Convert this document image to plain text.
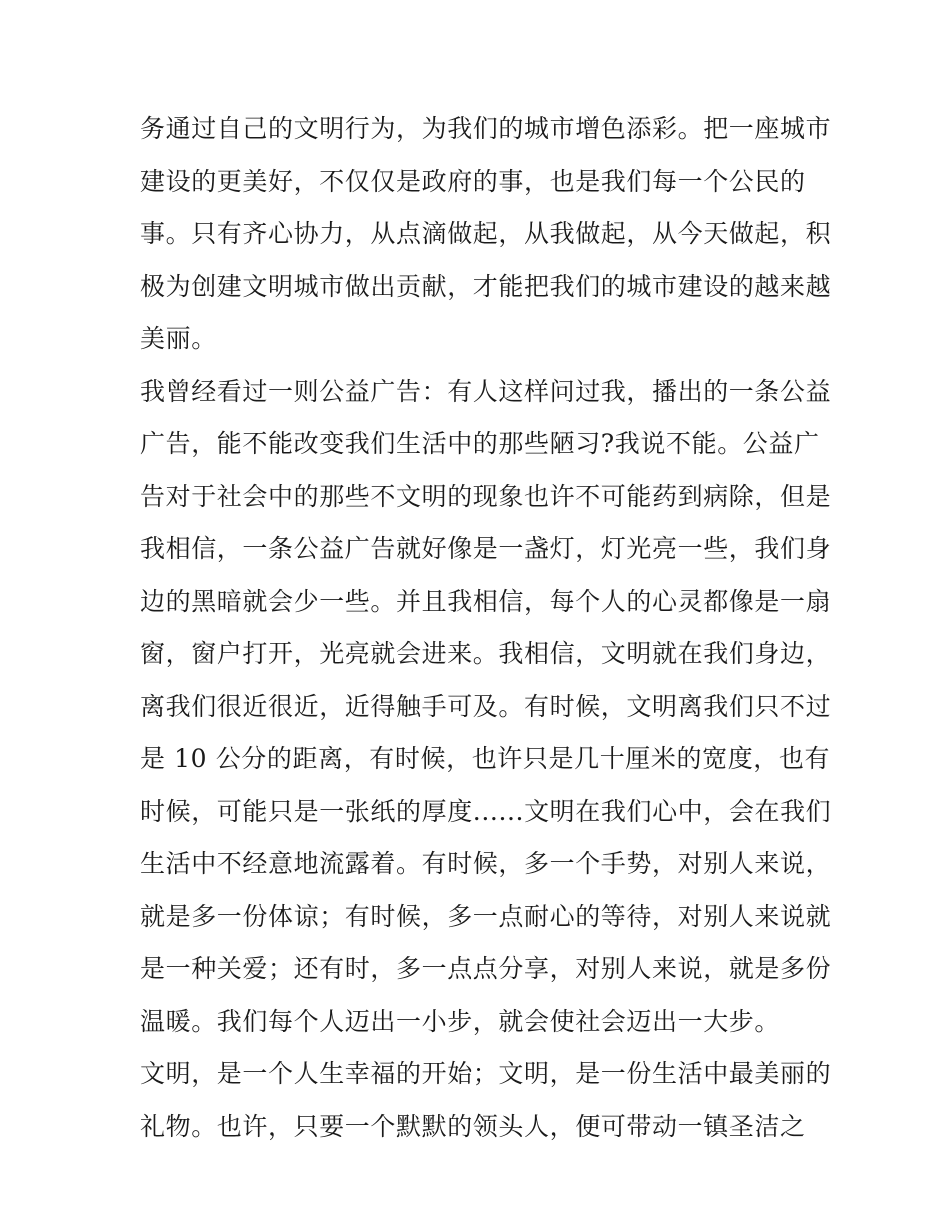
务通过自己的文明行为，为我们的城市增色添彩。把一座城市
建设的更美好，不仅仅是政府的事，也是我们每一个公民的
事。只有齐心协力，从点滴做起，从我做起，从今天做起，积
极为创建文明城市做出贡献，才能把我们的城市建设的越来越
美丽。
我曾经看过一则公益广告：有人这样问过我，播出的一条公益
广告，能不能改变我们生活中的那些陋习?我说不能。公益广
告对于社会中的那些不文明的现象也许不可能药到病除，但是
我相信，一条公益广告就好像是一盏灯，灯光亮一些，我们身
边的黑暗就会少一些。并且我相信，每个人的心灵都像是一扇
窗，窗户打开，光亮就会进来。我相信，文明就在我们身边，
离我们很近很近，近得触手可及。有时候，文明离我们只不过
是 10 公分的距离，有时候，也许只是几十厘米的宽度，也有
时候，可能只是一张纸的厚度......文明在我们心中，会在我们
生活中不经意地流露着。有时候，多一个手势，对别人来说，
就是多一份体谅；有时候，多一点耐心的等待，对别人来说就
是一种关爱；还有时，多一点点分享，对别人来说，就是多份
温暖。我们每个人迈出一小步，就会使社会迈出一大步。
文明，是一个人生幸福的开始；文明，是一份生活中最美丽的
礼物。也许，只要一个默默的领头人，便可带动一镇圣洁之
